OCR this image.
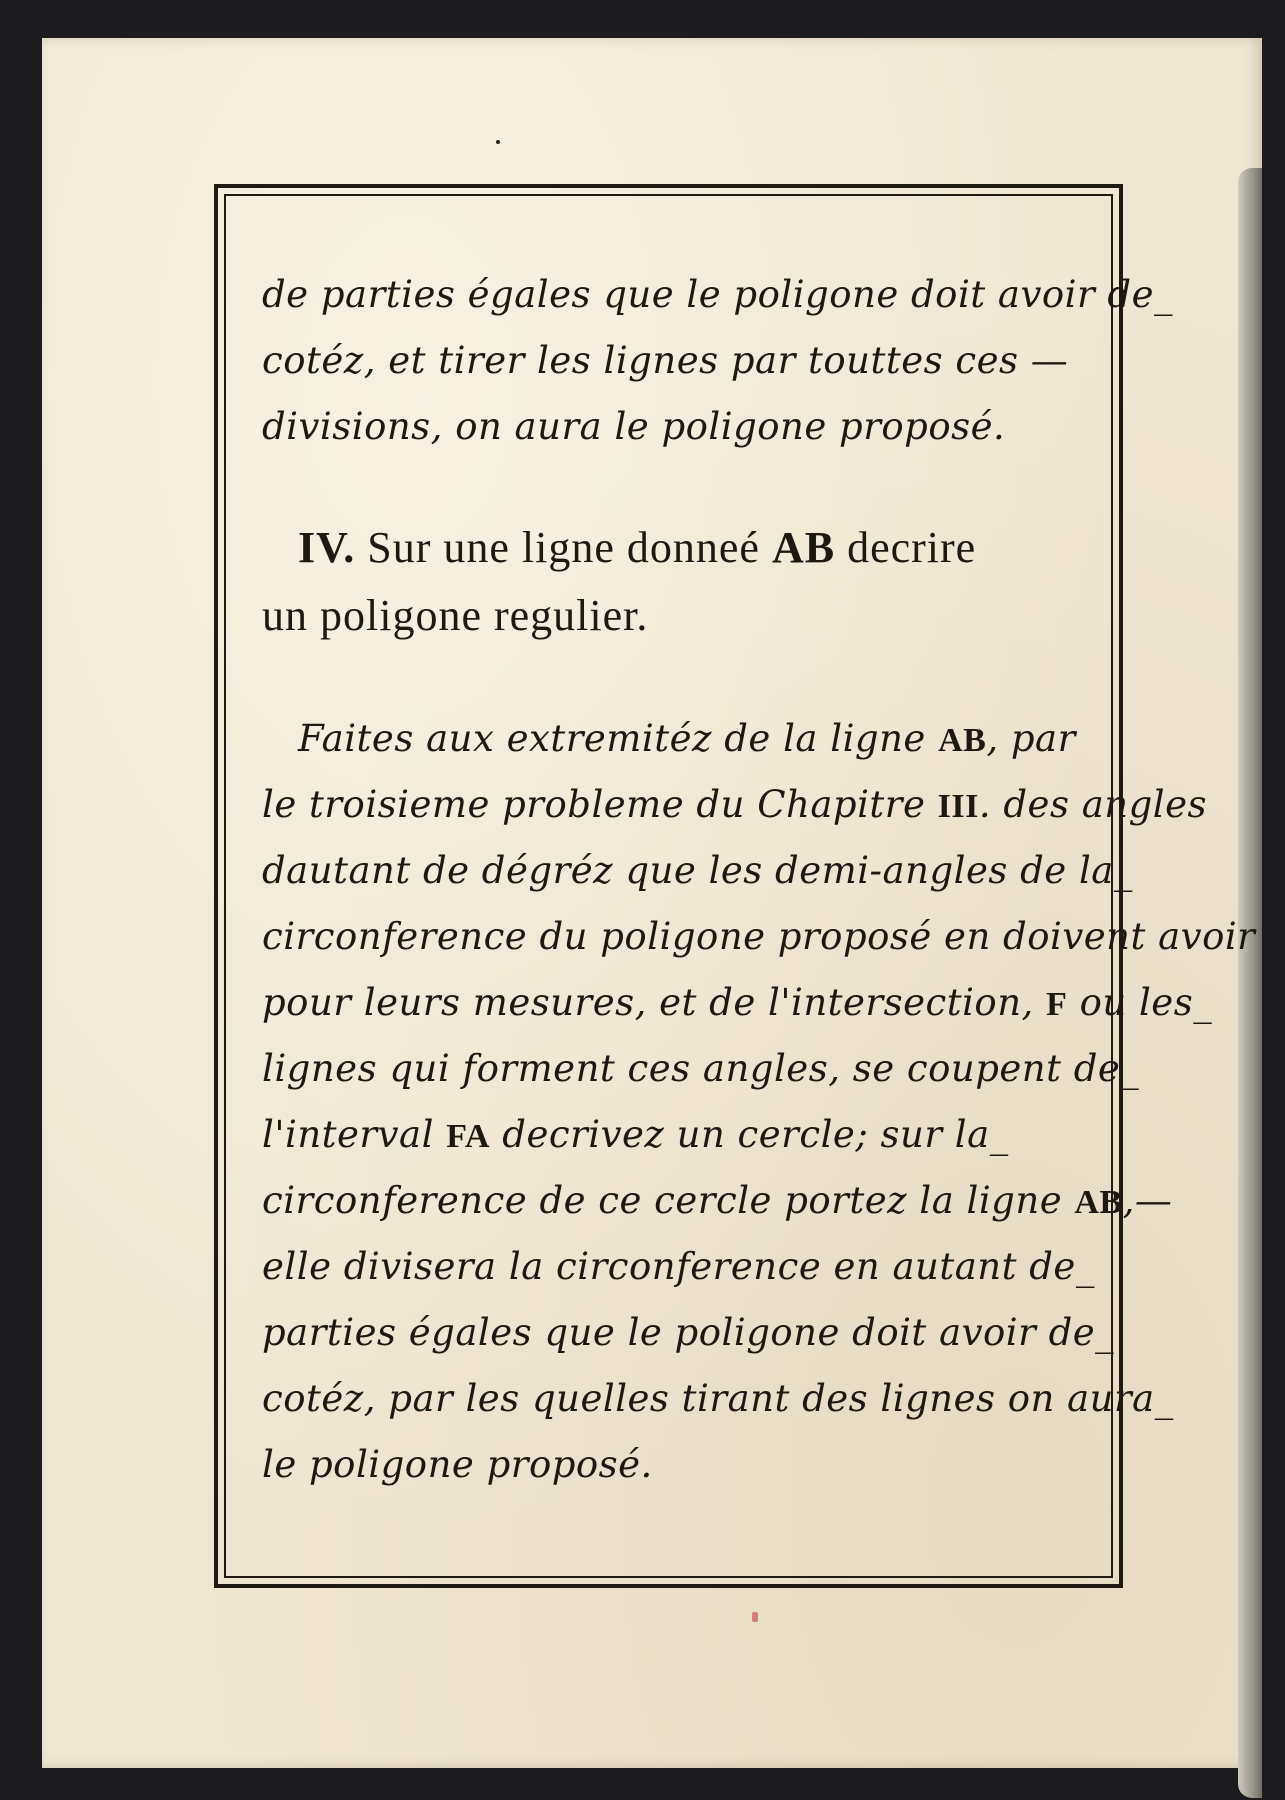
de parties égales que le poligone doit avoir de_
cotéz, et tirer les lignes par touttes ces —
divisions, on aura le poligone proposé.
IV. Sur une ligne donneé AB decrire
un poligone regulier.
Faites aux extremitéz de la ligne AB, par
le troisieme probleme du Chapitre III. des angles
dautant de dégréz que les demi-angles de la_
circonference du poligone proposé en doivent avoir
pour leurs mesures, et de l'intersection, F ou les_
lignes qui forment ces angles, se coupent de_
l'interval FA decrivez un cercle; sur la_
circonference de ce cercle portez la ligne AB,—
elle divisera la circonference en autant de_
parties égales que le poligone doit avoir de_
cotéz, par les quelles tirant des lignes on aura_
le poligone proposé.
